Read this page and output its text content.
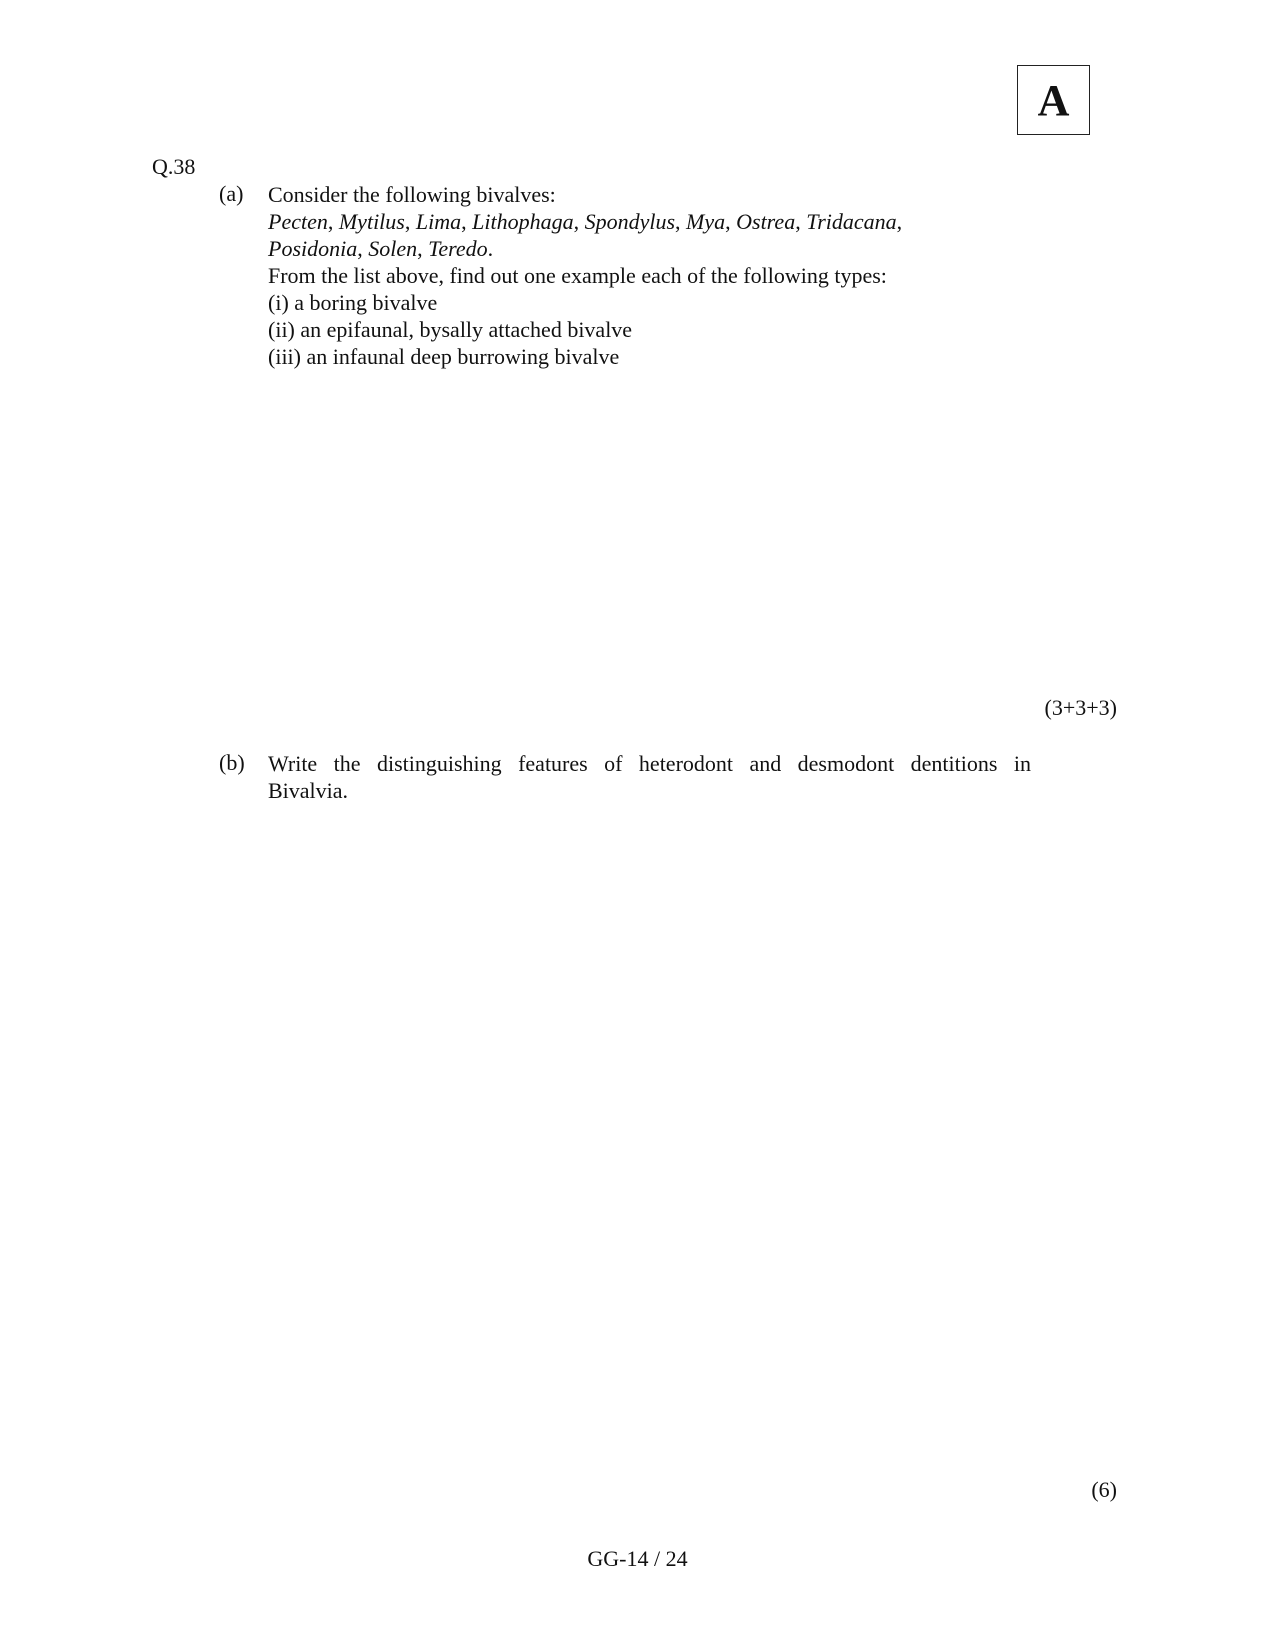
A
Q.38
(a) Consider the following bivalves:
Pecten, Mytilus, Lima, Lithophaga, Spondylus, Mya, Ostrea, Tridacana,
Posidonia, Solen, Teredo.
From the list above, find out one example each of the following types:
(i) a boring bivalve
(ii) an epifaunal, bysally attached bivalve
(iii) an infaunal deep burrowing bivalve
(3+3+3)
(b) Write the distinguishing features of heterodont and desmodont dentitions in
Bivalvia.
(6)
GG-14 / 24
